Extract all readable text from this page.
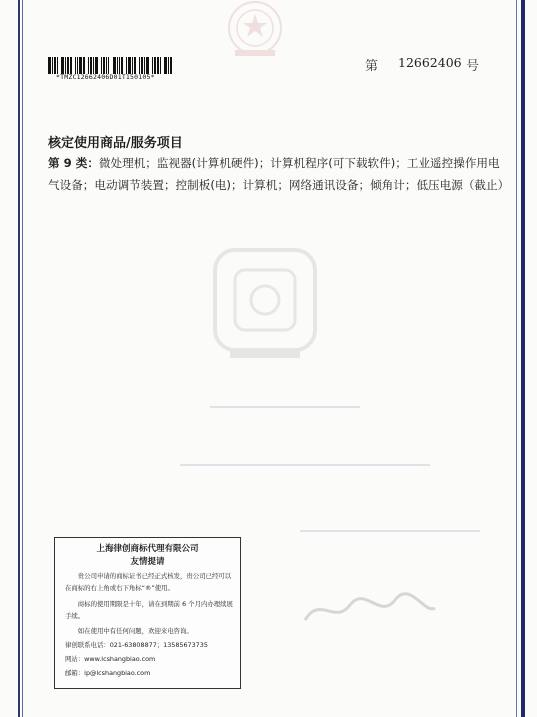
*TMZC12662406D01T150105*
第 12662406 号
核定使用商品/服务项目
第 9 类：微处理机；监视器(计算机硬件)；计算机程序(可下载软件)；工业遥控操作用电气设备；电动调节装置；控制板(电)；计算机；网络通讯设备；倾角计；低压电源（截止）
上海律创商标代理有限公司
友情提请
贵公司申请的商标证书已经正式核发，贵公司已经可以在商标的右上角或右下角标“®”使用。
商标的使用期限是十年，请在到期前 6 个月内办理续展手续。
如在使用中有任何问题，欢迎来电咨询。
律创联系电话：021-63808877；13585673735
网站：www.lcshangbiao.com
邮箱：ip@lcshangbiao.com
